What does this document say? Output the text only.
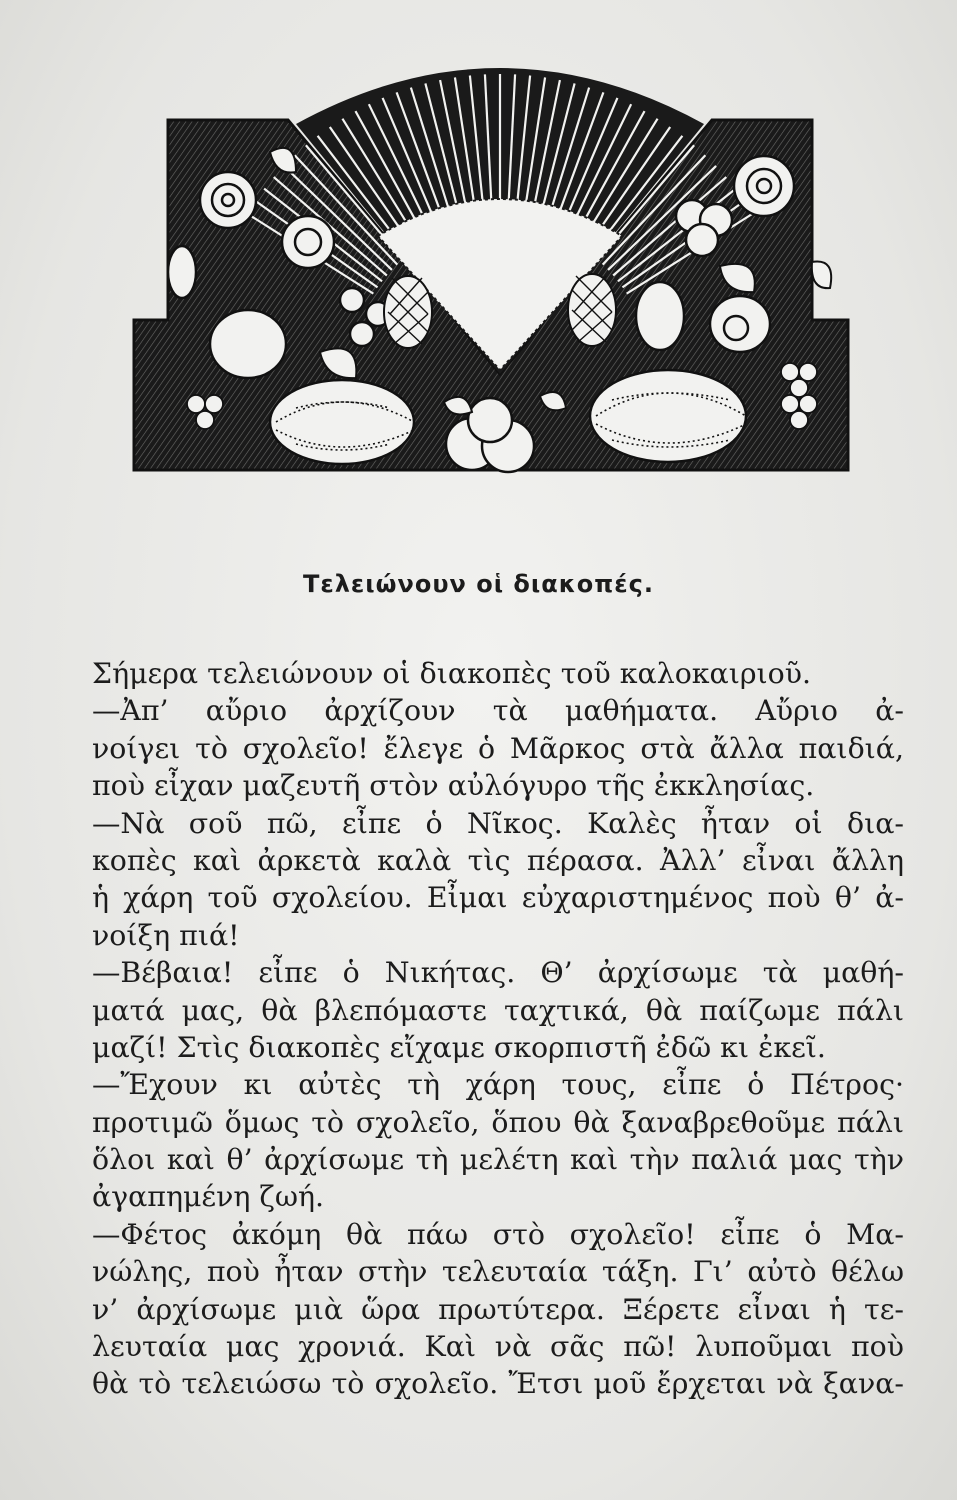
Τελειώνουν οἱ διακοπές.
Σήμερα τελειώνουν οἱ διακοπὲς τοῦ καλοκαιριοῦ.
—Ἀπ’ αὔριο ἀρχίζουν τὰ μαθήματα. Αὔριο ἀ-
νοίγει τὸ σχολεῖο! ἔλεγε ὁ Μᾶρκος στὰ ἄλλα παιδιά,
ποὺ εἶχαν μαζευτῆ στὸν αὐλόγυρο τῆς ἐκκλησίας.
—Νὰ σοῦ πῶ, εἶπε ὁ Νῖκος. Καλὲς ἦταν οἱ δια-
κοπὲς καὶ ἀρκετὰ καλὰ τὶς πέρασα. Ἀλλ’ εἶναι ἄλλη
ἡ χάρη τοῦ σχολείου. Εἶμαι εὐχαριστημένος ποὺ θ’ ἀ-
νοίξη πιά!
—Βέβαια! εἶπε ὁ Νικήτας. Θ’ ἀρχίσωμε τὰ μαθή-
ματά μας, θὰ βλεπόμαστε ταχτικά, θὰ παίζωμε πάλι
μαζί! Στὶς διακοπὲς εἴχαμε σκορπιστῆ ἐδῶ κι ἐκεῖ.
—Ἔχουν κι αὐτὲς τὴ χάρη τους, εἶπε ὁ Πέτρος·
προτιμῶ ὅμως τὸ σχολεῖο, ὅπου θὰ ξαναβρεθοῦμε πάλι
ὅλοι καὶ θ’ ἀρχίσωμε τὴ μελέτη καὶ τὴν παλιά μας τὴν
ἀγαπημένη ζωή.
—Φέτος ἀκόμη θὰ πάω στὸ σχολεῖο! εἶπε ὁ Μα-
νώλης, ποὺ ἦταν στὴν τελευταία τάξη. Γι’ αὐτὸ θέλω
ν’ ἀρχίσωμε μιὰ ὥρα πρωτύτερα. Ξέρετε εἶναι ἡ τε-
λευταία μας χρονιά. Καὶ νὰ σᾶς πῶ! λυποῦμαι ποὺ
θὰ τὸ τελειώσω τὸ σχολεῖο. Ἔτσι μοῦ ἔρχεται νὰ ξανα-
